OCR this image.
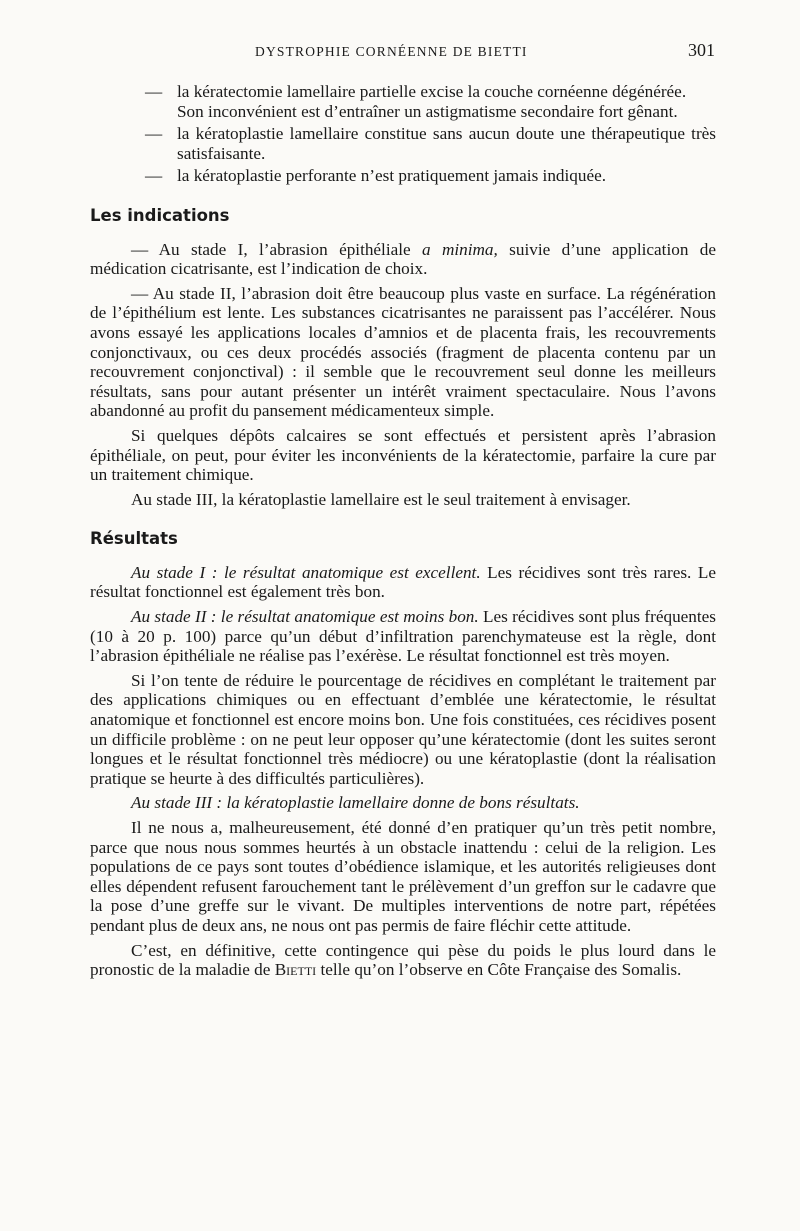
DYSTROPHIE CORNÉENNE DE BIETTI	301
— la kératectomie lamellaire partielle excise la couche cornéenne dégénérée.

Son inconvénient est d’entraîner un astigmatisme secondaire fort gênant.

— la kératoplastie lamellaire constitue sans aucun doute une thérapeutique très satisfaisante.

— la kératoplastie perforante n’est pratiquement jamais indiquée.

Les indications

— Au stade I, l’abrasion épithéliale a minima, suivie d’une application de médication cicatrisante, est l’indication de choix.

— Au stade II, l’abrasion doit être beaucoup plus vaste en surface. La régénération de l’épithélium est lente. Les substances cicatrisantes ne paraissent pas l’accélérer. Nous avons essayé les applications locales d’amnios et de placenta frais, les recouvrements conjonctivaux, ou ces deux procédés associés (fragment de placenta contenu par un recouvrement conjonctival) : il semble que le recouvrement seul donne les meilleurs résultats, sans pour autant présenter un intérêt vraiment spectaculaire. Nous l’avons abandonné au profit du pansement médicamenteux simple.

Si quelques dépôts calcaires se sont effectués et persistent après l’abrasion épithéliale, on peut, pour éviter les inconvénients de la kératectomie, parfaire la cure par un traitement chimique.

Au stade III, la kératoplastie lamellaire est le seul traitement à envisager.

Résultats

Au stade I : le résultat anatomique est excellent. Les récidives sont très rares. Le résultat fonctionnel est également très bon.

Au stade II : le résultat anatomique est moins bon. Les récidives sont plus fréquentes (10 à 20 p. 100) parce qu’un début d’infiltration parenchymateuse est la règle, dont l’abrasion épithéliale ne réalise pas l’exérèse. Le résultat fonctionnel est très moyen.

Si l’on tente de réduire le pourcentage de récidives en complétant le traitement par des applications chimiques ou en effectuant d’emblée une kératectomie, le résultat anatomique et fonctionnel est encore moins bon. Une fois constituées, ces récidives posent un difficile problème : on ne peut leur opposer qu’une kératectomie (dont les suites seront longues et le résultat fonctionnel très médiocre) ou une kératoplastie (dont la réalisation pratique se heurte à des difficultés particulières).

Au stade III : la kératoplastie lamellaire donne de bons résultats.

Il ne nous a, malheureusement, été donné d’en pratiquer qu’un très petit nombre, parce que nous nous sommes heurtés à un obstacle inattendu : celui de la religion. Les populations de ce pays sont toutes d’obédience islamique, et les autorités religieuses dont elles dépendent refusent farouchement tant le prélèvement d’un greffon sur le cadavre que la pose d’une greffe sur le vivant. De multiples interventions de notre part, répétées pendant plus de deux ans, ne nous ont pas permis de faire fléchir cette attitude.

C’est, en définitive, cette contingence qui pèse du poids le plus lourd dans le pronostic de la maladie de Bietti telle qu’on l’observe en Côte Française des Somalis.
